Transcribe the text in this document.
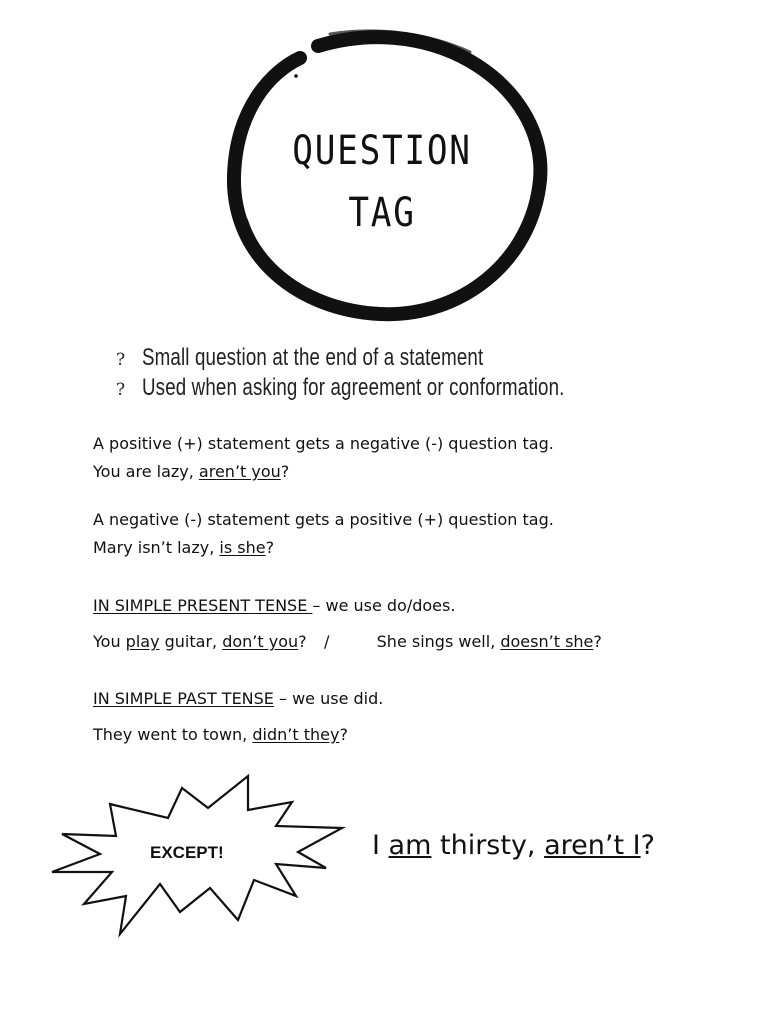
QUESTION
TAG
? Small question at the end of a statement
? Used when asking for agreement or conformation.
A positive (+) statement gets a negative (-) question tag.
You are lazy, aren’t you?
A negative (-) statement gets a positive (+) question tag.
Mary isn’t lazy, is she?
IN SIMPLE PRESENT TENSE – we use do/does.
You play guitar, don’t you? /	She sings well, doesn’t she?
IN SIMPLE PAST TENSE – we use did.
They went to town, didn’t they?
EXCEPT!	I am thirsty, aren’t I?
